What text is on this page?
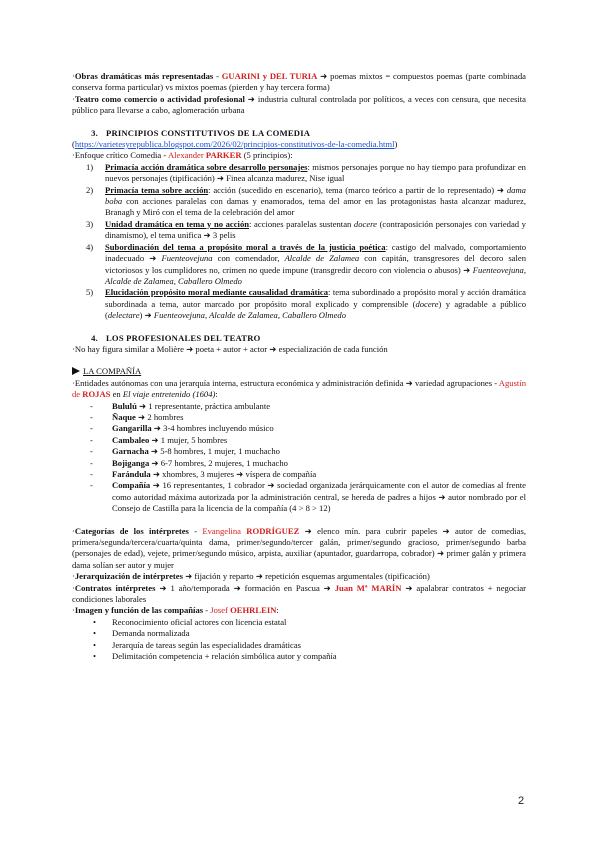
·Obras dramáticas más representadas - GUARINI y DEL TURIA ➜ poemas mixtos = compuestos poemas (parte combinada conserva forma particular) vs mixtos poemas (pierden y hay tercera forma)

·Teatro como comercio o actividad profesional ➜ industria cultural controlada por políticos, a veces con censura, que necesita público para llevarse a cabo, aglomeración urbana

3. PRINCIPIOS CONSTITUTIVOS DE LA COMEDIA

(https://varietesyrepublica.blogspot.com/2026/02/principios-constitutivos-de-la-comedia.html)

·Enfoque crítico Comedia - Alexander PARKER (5 principios):

1) Primacía acción dramática sobre desarrollo personajes: mismos personajes porque no hay tiempo para profundizar en nuevos personajes (tipificación) ➜ Finea alcanza madurez, Nise igual
2) Primacía tema sobre acción: acción (sucedido en escenario), tema (marco teórico a partir de lo representado) ➜ dama boba con acciones paralelas con damas y enamorados, tema del amor en las protagonistas hasta alcanzar madurez, Branagh y Miró con el tema de la celebración del amor
3) Unidad dramática en tema y no acción: acciones paralelas sustentan docere (contraposición personajes con variedad y dinamismo), el tema unifica ➜ 3 pelis
4) Subordinación del tema a propósito moral a través de la justicia poética: castigo del malvado, comportamiento inadecuado ➜ Fuenteovejuna con comendador, Alcalde de Zalamea con capitán, transgresores del decoro salen victoriosos y los cumplidores no, crimen no quede impune (transgredir decoro con violencia o abusos) ➜ Fuenteovejuna, Alcalde de Zalamea, Caballero Olmedo
5) Elucidación propósito moral mediante causalidad dramática: tema subordinado a propósito moral y acción dramática subordinada a tema, autor marcado por propósito moral explicado y comprensible (docere) y agradable a público (delectare) ➜ Fuenteovejuna, Alcalde de Zalamea, Caballero Olmedo
4. LOS PROFESIONALES DEL TEATRO

·No hay figura similar a Molière ➜ poeta + autor + actor ➜ especialización de cada función

LA COMPAÑÍA

·Entidades autónomas con una jerarquía interna, estructura económica y administración definida ➜ variedad agrupaciones - Agustín de ROJAS en El viaje entretenido (1604):

- Bululú ➜ 1 representante, práctica ambulante
- Ñaque ➜ 2 hombres
- Gangarilla ➜ 3-4 hombres incluyendo músico
- Cambaleo ➜ 1 mujer, 5 hombres
- Garnacha ➜ 5-8 hombres, 1 mujer, 1 muchacho
- Bojiganga ➜ 6-7 hombres, 2 mujeres, 1 muchacho
- Farándula ➜ xhombres, 3 mujeres ➜ víspera de compañía
- Compañía ➜ 16 representantes, 1 cobrador ➜ sociedad organizada jerárquicamente con el autor de comedias al frente como autoridad máxima autorizada por la administración central, se hereda de padres a hijos ➜ autor nombrado por el Consejo de Castilla para la licencia de la compañía (4 > 8 > 12)

·Categorías de los intérpretes - Evangelina RODRÍGUEZ ➜ elenco mín. para cubrir papeles ➜ autor de comedias, primera/segunda/tercera/cuarta/quinta dama, primer/segundo/tercer galán, primer/segundo gracioso, primer/segundo barba (personajes de edad), vejete, primer/segundo músico, arpista, auxiliar (apuntador, guardarropa, cobrador) ➜ primer galán y primera dama solían ser autor y mujer

·Jerarquización de intérpretes ➜ fijación y reparto ➜ repetición esquemas argumentales (tipificación)

·Contratos intérpretes ➜ 1 año/temporada ➜ formación en Pascua ➜ Juan Mª MARÍN ➜ apalabrar contratos + negociar condiciones laborales

·Imagen y función de las compañías - Josef OEHRLEIN:

• Reconocimiento oficial actores con licencia estatal
• Demanda normalizada
• Jerarquía de tareas según las especialidades dramáticas
• Delimitación competencia + relación simbólica autor y compañía
2
